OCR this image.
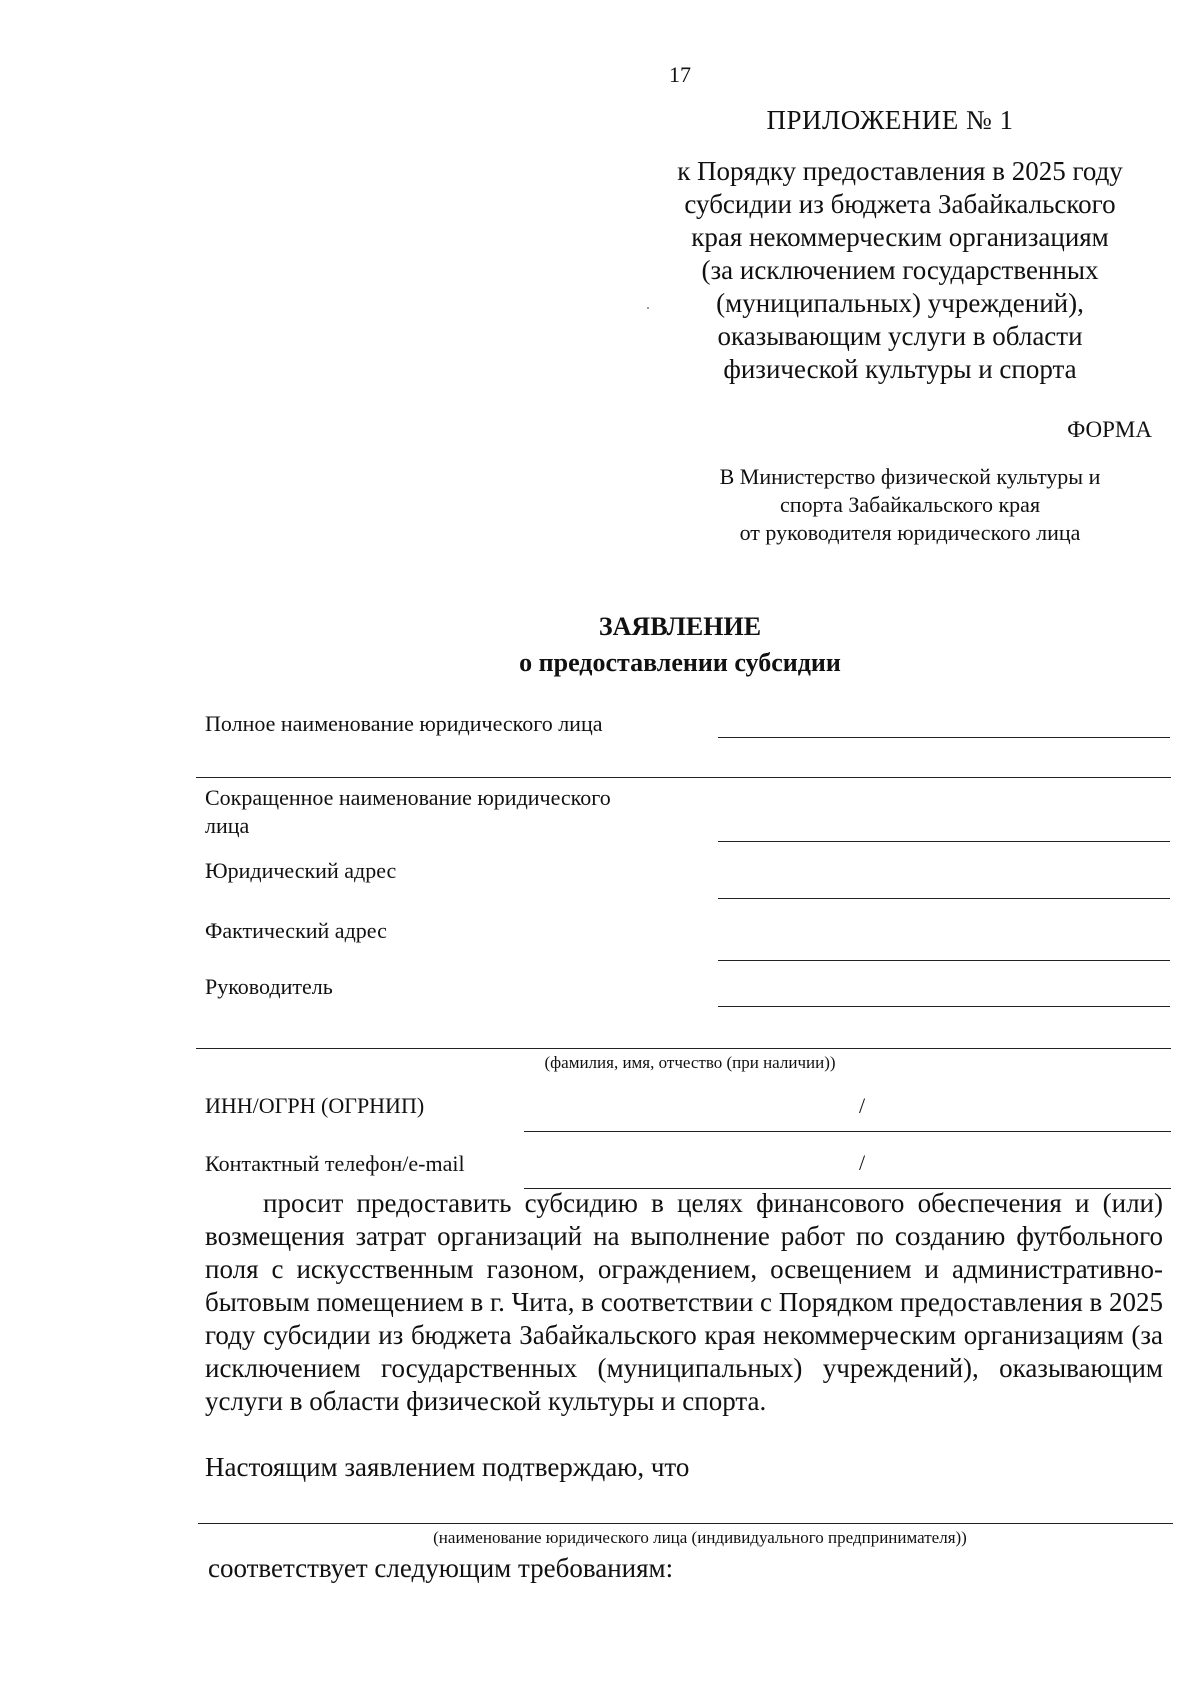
17
ПРИЛОЖЕНИЕ № 1
к Порядку предоставления в 2025 году
субсидии из бюджета Забайкальского
края некоммерческим организациям
(за исключением государственных
(муниципальных) учреждений),
оказывающим услуги в области
физической культуры и спорта
ФОРМА
В Министерство физической культуры и
спорта Забайкальского края
от руководителя юридического лица
ЗАЯВЛЕНИЕ
о предоставлении субсидии
Полное наименование юридического лица
Сокращенное наименование юридического
лица
Юридический адрес
Фактический адрес
Руководитель
(фамилия, имя, отчество (при наличии))
ИНН/ОГРН (ОГРНИП)	/
Контактный телефон/e-mail	/

просит предоставить субсидию в целях финансового обеспечения и (или) возмещения затрат организаций на выполнение работ по созданию футбольного поля с искусственным газоном, ограждением, освещением и административно-бытовым помещением в г. Чита, в соответствии с Порядком предоставления в 2025 году субсидии из бюджета Забайкальского края некоммерческим организациям (за исключением государственных (муниципальных) учреждений), оказывающим услуги в области физической культуры и спорта.

Настоящим заявлением подтверждаю, что
(наименование юридического лица (индивидуального предпринимателя))
соответствует следующим требованиям:
